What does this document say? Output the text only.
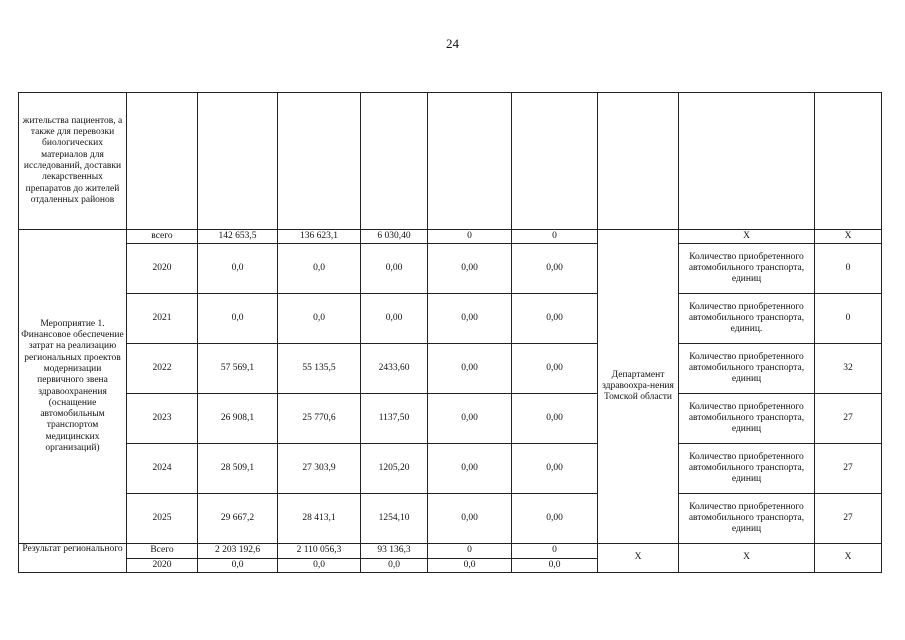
24
жительства пациентов, а также для перевозки биологических материалов для исследований, доставки лекарственных препаратов до жителей отдаленных районов									
Мероприятие 1. Финансовое обеспечение затрат на реализацию региональных проектов модернизации первичного звена здравоохранения (оснащение автомобильным транспортом медицинских организаций)	всего	142 653,5	136 623,1	6 030,40	0	0	Департамент здравоохра-нения Томской области	X	X
	2020	0,0	0,0	0,00	0,00	0,00		Количество приобретенного автомобильного транспорта, единиц	0
	2021	0,0	0,0	0,00	0,00	0,00		Количество приобретенного автомобильного транспорта, единиц.	0
	2022	57 569,1	55 135,5	2433,60	0,00	0,00		Количество приобретенного автомобильного транспорта, единиц	32
	2023	26 908,1	25 770,6	1137,50	0,00	0,00		Количество приобретенного автомобильного транспорта, единиц	27
	2024	28 509,1	27 303,9	1205,20	0,00	0,00		Количество приобретенного автомобильного транспорта, единиц	27
	2025	29 667,2	28 413,1	1254,10	0,00	0,00		Количество приобретенного автомобильного транспорта, единиц	27
Результат регионального	Всего	2 203 192,6	2 110 056,3	93 136,3	0	0	X	X	X
	2020	0,0	0,0	0,0	0,0	0,0			
